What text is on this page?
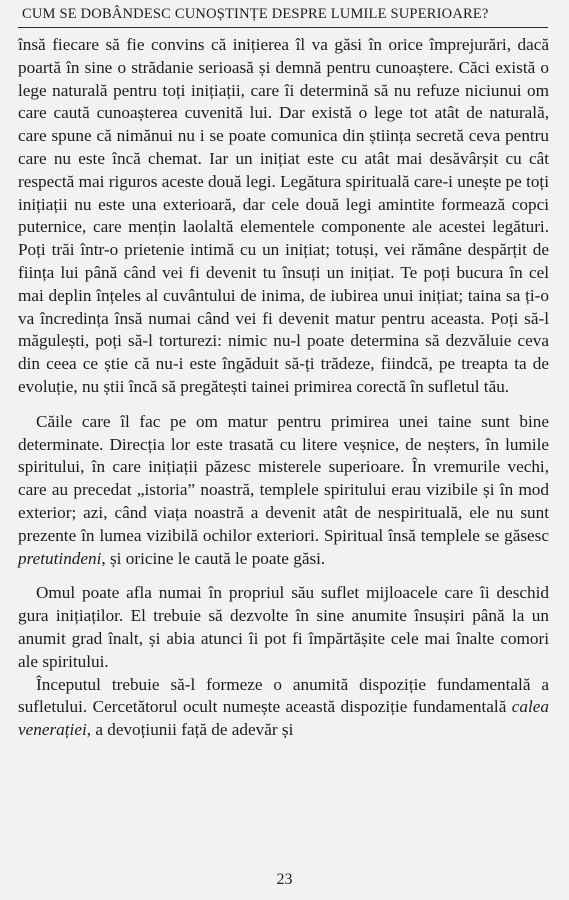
CUM SE DOBÂNDESC CUNOȘTINȚE DESPRE LUMILE SUPERIOARE?

însă fiecare să fie convins că inițierea îl va găsi în orice împrejurări, dacă poartă în sine o strădanie serioasă și demnă pentru cunoaștere. Căci există o lege naturală pentru toți inițiații, care îi determină să nu refuze niciunui om care caută cunoașterea cuvenită lui. Dar există o lege tot atât de naturală, care spune că nimănui nu i se poate comunica din știința secretă ceva pentru care nu este încă chemat. Iar un inițiat este cu atât mai desăvârșit cu cât respectă mai riguros aceste două legi. Legătura spirituală care-i unește pe toți inițiații nu este una exterioară, dar cele două legi amintite formează copci puternice, care mențin laolaltă elementele componente ale acestei legături. Poți trăi într-o prietenie intimă cu un inițiat; totuși, vei rămâne despărțit de ființa lui până când vei fi devenit tu însuți un inițiat. Te poți bucura în cel mai deplin înțeles al cuvântului de inima, de iubirea unui inițiat; taina sa ți-o va încredința însă numai când vei fi devenit matur pentru aceasta. Poți să-l măgulești, poți să-l torturezi: nimic nu-l poate determina să dezvăluie ceva din ceea ce știe că nu-i este îngăduit să-ți trădeze, fiindcă, pe treapta ta de evoluție, nu știi încă să pregătești tainei primirea corectă în sufletul tău.

Căile care îl fac pe om matur pentru primirea unei taine sunt bine determinate. Direcția lor este trasată cu litere veșnice, de neșters, în lumile spiritului, în care inițiații păzesc misterele superioare. În vremurile vechi, care au precedat „istoria” noastră, templele spiritului erau vizibile și în mod exterior; azi, când viața noastră a devenit atât de nespirituală, ele nu sunt prezente în lumea vizibilă ochilor exteriori. Spiritual însă templele se găsesc pretutindeni, și oricine le caută le poate găsi.

Omul poate afla numai în propriul său suflet mijloacele care îi deschid gura inițiaților. El trebuie să dezvolte în sine anumite însușiri până la un anumit grad înalt, și abia atunci îi pot fi împărtășite cele mai înalte comori ale spiritului.

Începutul trebuie să-l formeze o anumită dispoziție fundamentală a sufletului. Cercetătorul ocult numește această dispoziție fundamentală calea venerației, a devoțiunii față de adevăr și

23
